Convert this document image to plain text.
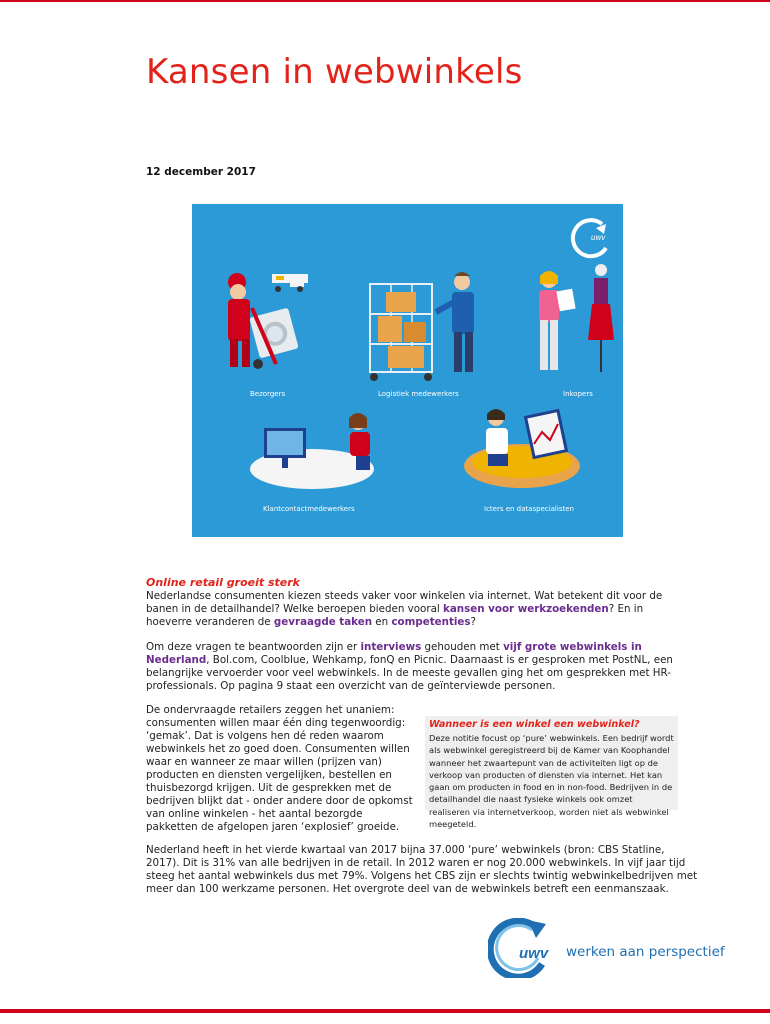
Kansen in webwinkels
12 december 2017
uwv
Bezorgers	Logistiek medewerkers	Inkopers
Klantcontactmedewerkers	Icters en dataspecialisten
Online retail groeit sterk

Nederlandse consumenten kiezen steeds vaker voor winkelen via internet. Wat betekent dit voor de banen in de detailhandel? Welke beroepen bieden vooral kansen voor werkzoekenden? En in hoeverre veranderen de gevraagde taken en competenties?

Om deze vragen te beantwoorden zijn er interviews gehouden met vijf grote webwinkels in Nederland, Bol.com, Coolblue, Wehkamp, fonQ en Picnic. Daarnaast is er gesproken met PostNL, een belangrijke vervoerder voor veel webwinkels. In de meeste gevallen ging het om gesprekken met HR-professionals. Op pagina 9 staat een overzicht van de geïnterviewde personen.

De ondervraagde retailers zeggen het unaniem: consumenten willen maar één ding tegenwoordig: ‘gemak’. Dat is volgens hen dé reden waarom webwinkels het zo goed doen. Consumenten willen waar en wanneer ze maar willen (prijzen van) producten en diensten vergelijken, bestellen en thuisbezorgd krijgen. Uit de gesprekken met de bedrijven blijkt dat - onder andere door de opkomst van online winkelen - het aantal bezorgde pakketten de afgelopen jaren ‘explosief’ groeide.

Wanneer is een winkel een webwinkel?

Deze notitie focust op ‘pure’ webwinkels. Een bedrijf wordt als webwinkel geregistreerd bij de Kamer van Koophandel wanneer het zwaartepunt van de activiteiten ligt op de verkoop van producten of diensten via internet. Het kan gaan om producten in food en in non-food. Bedrijven in de detailhandel die naast fysieke winkels ook omzet realiseren via internetverkoop, worden niet als webwinkel meegeteld.

Nederland heeft in het vierde kwartaal van 2017 bijna 37.000 ‘pure’ webwinkels (bron: CBS Statline, 2017). Dit is 31% van alle bedrijven in de retail. In 2012 waren er nog 20.000 webwinkels. In vijf jaar tijd steeg het aantal webwinkels dus met 79%. Volgens het CBS zijn er slechts twintig webwinkelbedrijven met meer dan 100 werkzame personen. Het overgrote deel van de webwinkels betreft een eenmanszaak.

uwv werken aan perspectief
